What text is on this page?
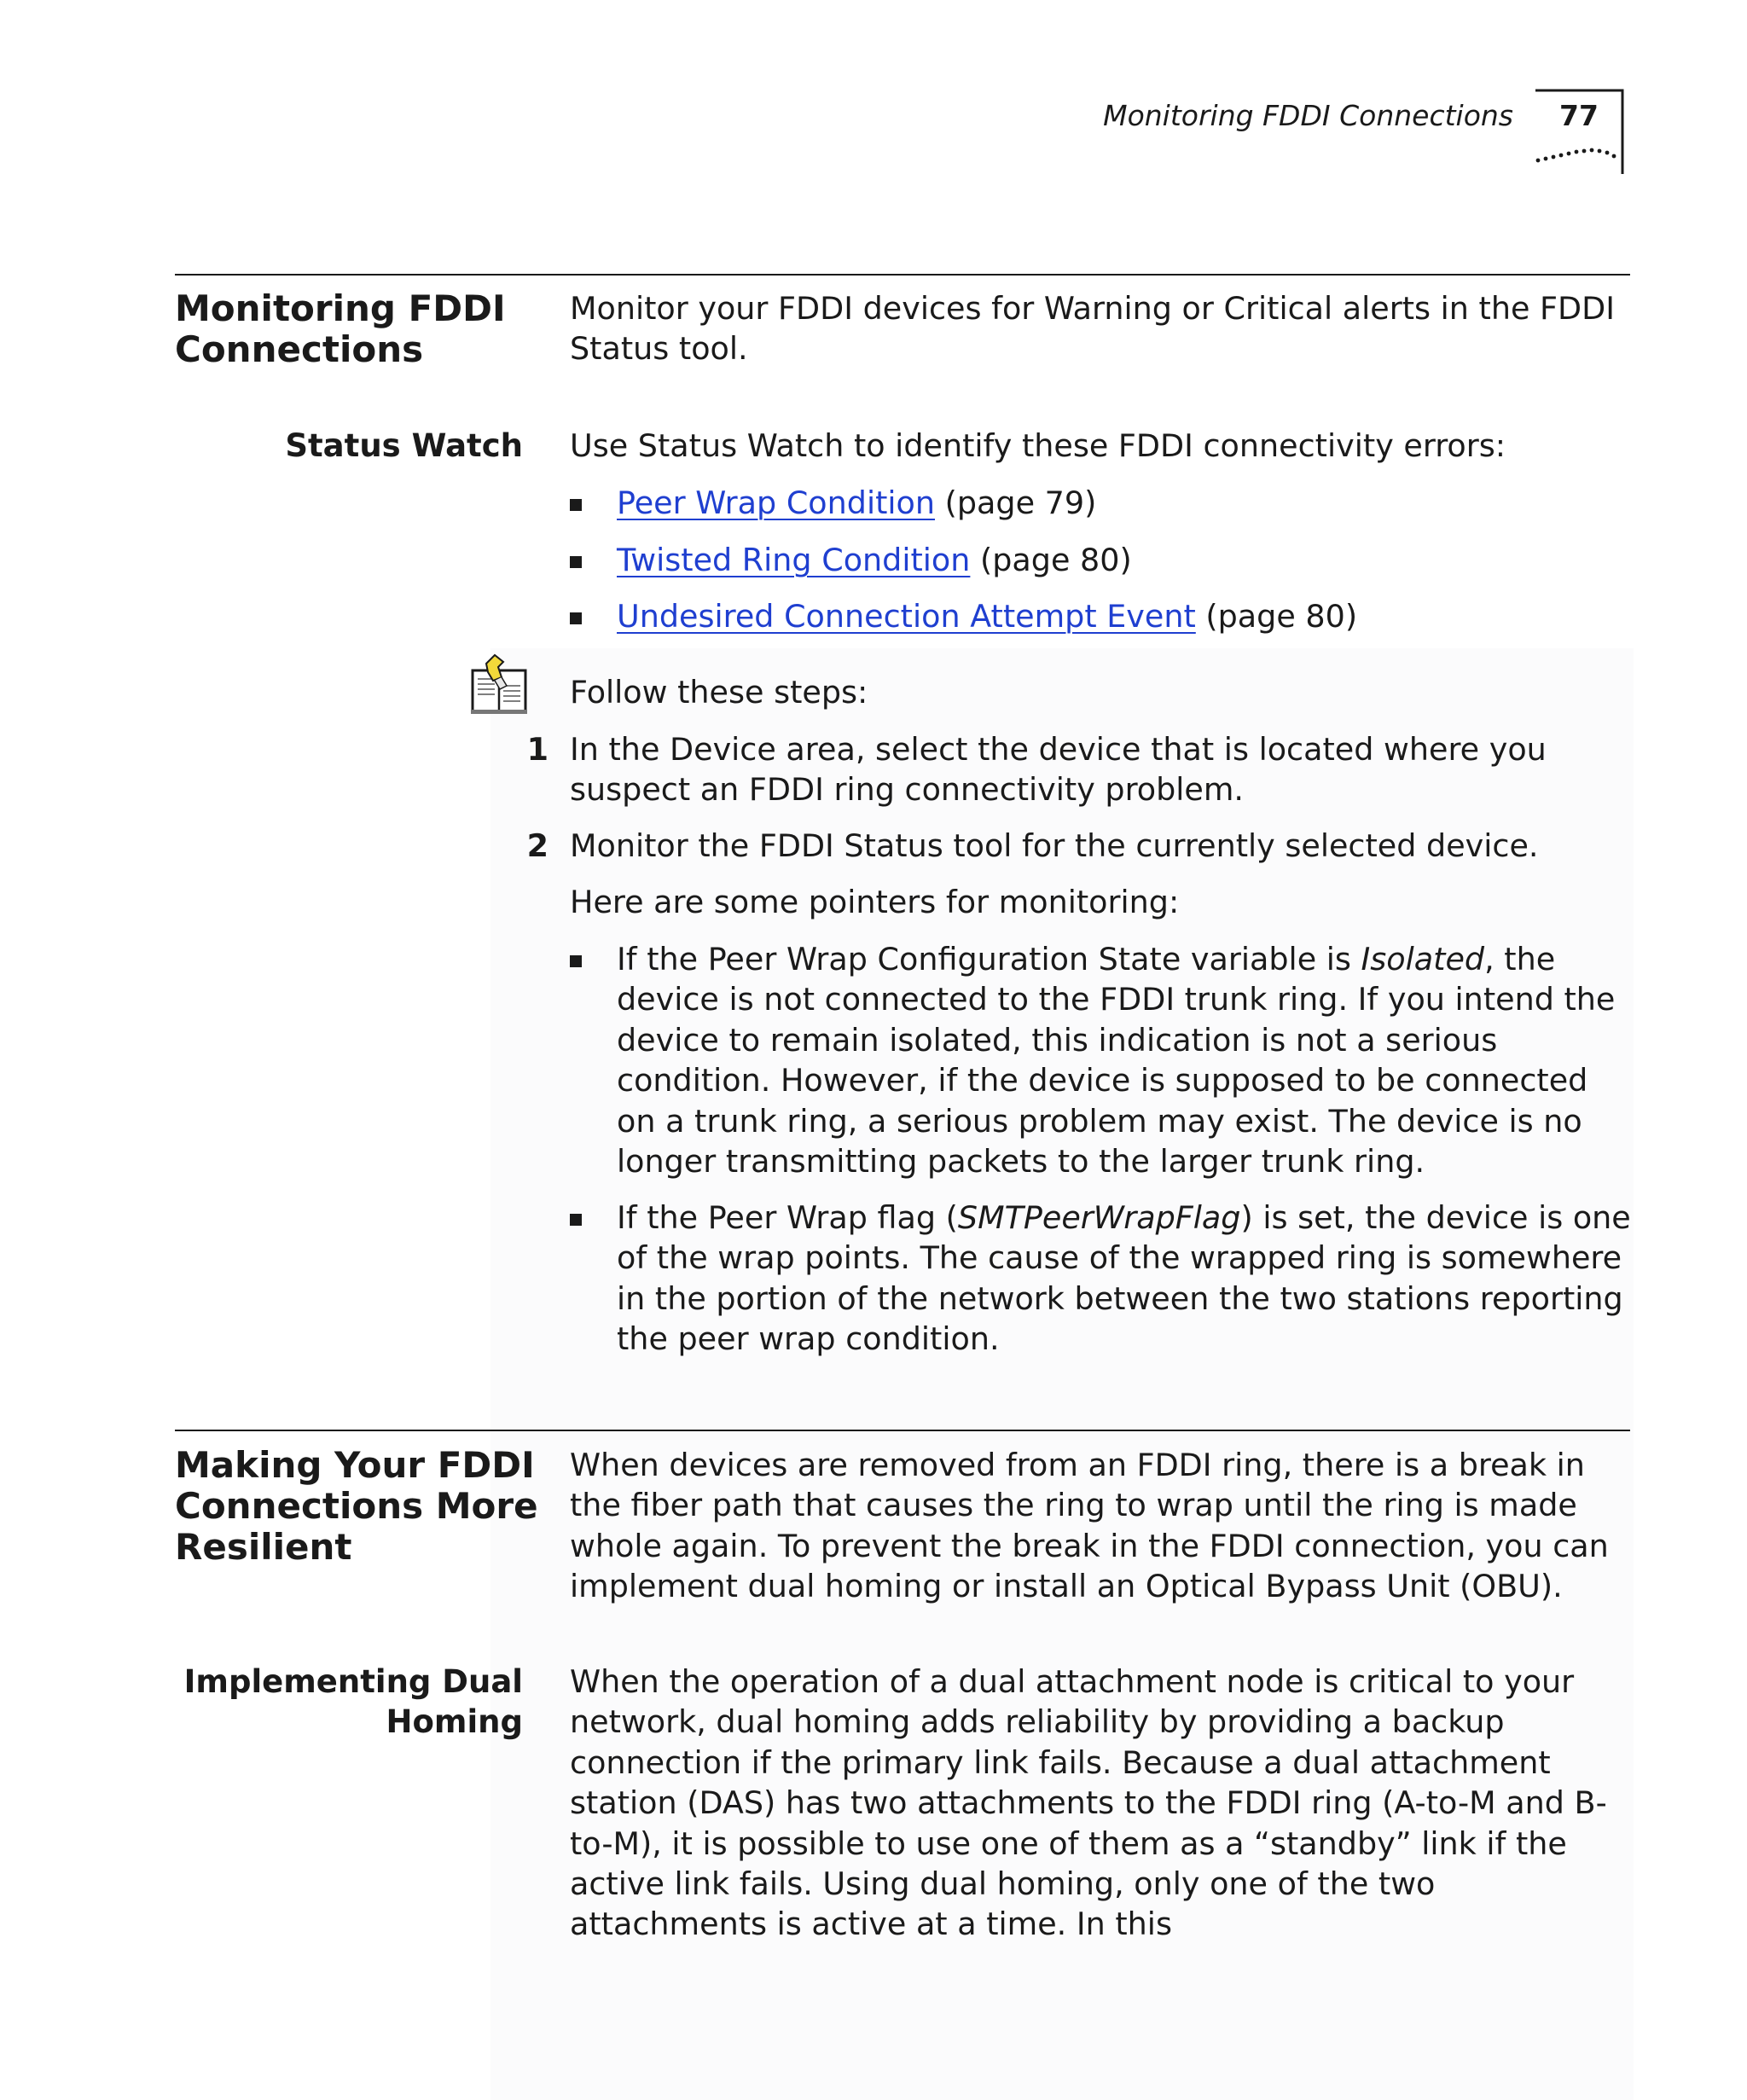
Monitoring FDDI Connections 77
Monitoring FDDI
Connections
Monitor your FDDI devices for Warning or Critical alerts in the FDDI Status tool.
Status Watch Use Status Watch to identify these FDDI connectivity errors:
Peer Wrap Condition (page 79)
Twisted Ring Condition (page 80)
Undesired Connection Attempt Event (page 80)
Follow these steps:
1 In the Device area, select the device that is located where you suspect an FDDI ring connectivity problem.
2 Monitor the FDDI Status tool for the currently selected device.
Here are some pointers for monitoring:
If the Peer Wrap Configuration State variable is Isolated, the device is not connected to the FDDI trunk ring. If you intend the device to remain isolated, this indication is not a serious condition. However, if the device is supposed to be connected on a trunk ring, a serious problem may exist. The device is no longer transmitting packets to the larger trunk ring.
If the Peer Wrap flag (SMTPeerWrapFlag) is set, the device is one of the wrap points. The cause of the wrapped ring is somewhere in the portion of the network between the two stations reporting the peer wrap condition.
Making Your FDDI
Connections More
Resilient
When devices are removed from an FDDI ring, there is a break in the fiber path that causes the ring to wrap until the ring is made whole again. To prevent the break in the FDDI connection, you can implement dual homing or install an Optical Bypass Unit (OBU).
Implementing Dual
Homing
When the operation of a dual attachment node is critical to your network, dual homing adds reliability by providing a backup connection if the primary link fails. Because a dual attachment station (DAS) has two attachments to the FDDI ring (A-to-M and B-to-M), it is possible to use one of them as a “standby” link if the active link fails. Using dual homing, only one of the two attachments is active at a time. In this
